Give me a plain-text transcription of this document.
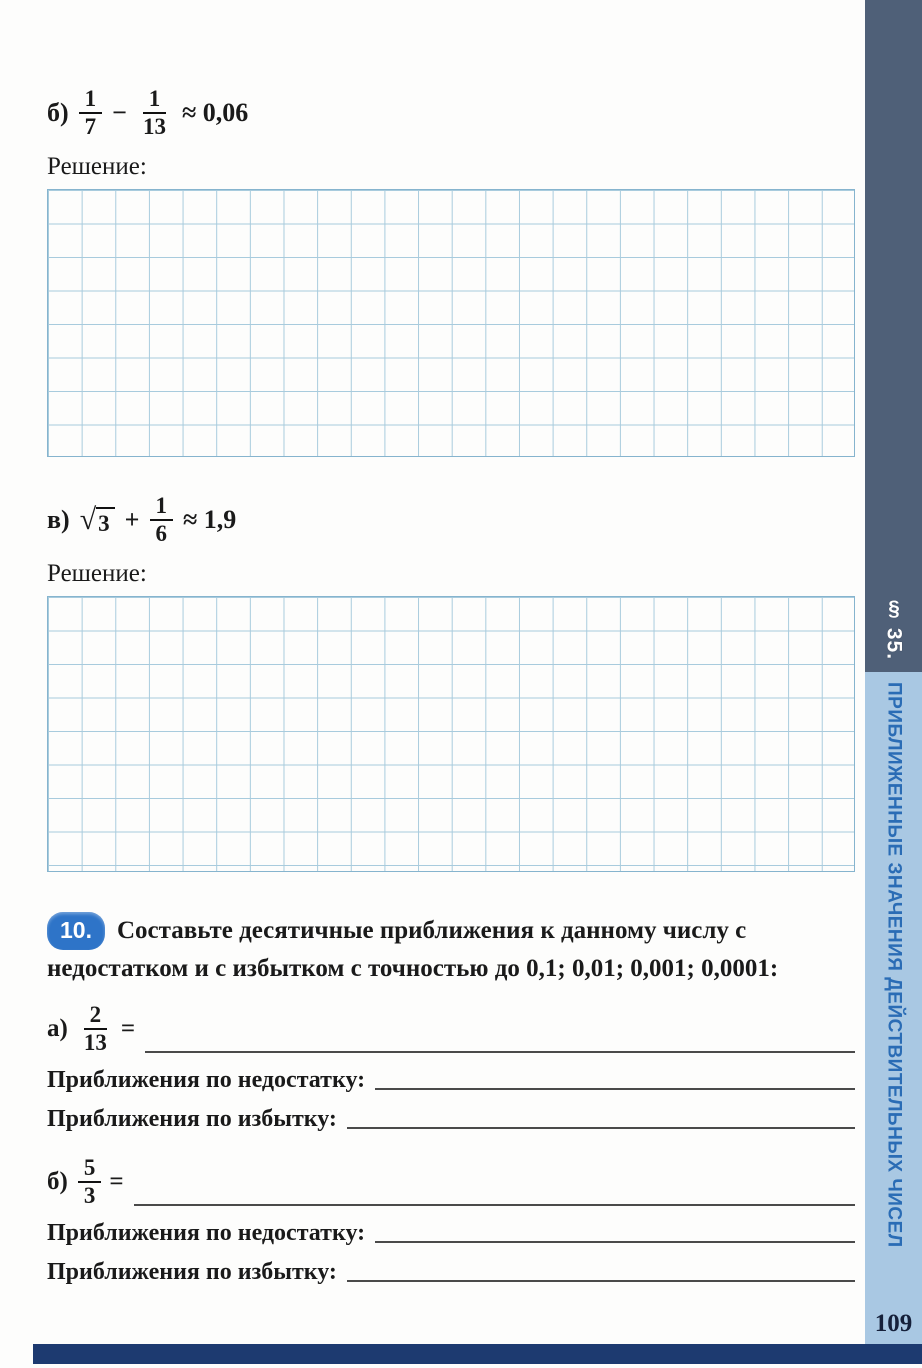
$б) \frac{1}{7} - \frac{1}{13} \approx 0,06$
Решение:
в) √ $3 + \frac{1}{6} \approx 1,9$
Решение:
10. Составьте десятичные приближения к данному числу с недостатком и с избытком с точностью до 0,1; 0,01; 0,001; 0,0001:
$а) \frac{2}{13}$ =
Приближения по недостатку:
Приближения по избытку:
$б) \frac{5}{3}$ =
Приближения по недостатку:
Приближения по избытку:
§ 35.
ПРИБЛИЖЕННЫЕ ЗНАЧЕНИЯ ДЕЙСТВИТЕЛЬНЫХ ЧИСЕЛ
109
